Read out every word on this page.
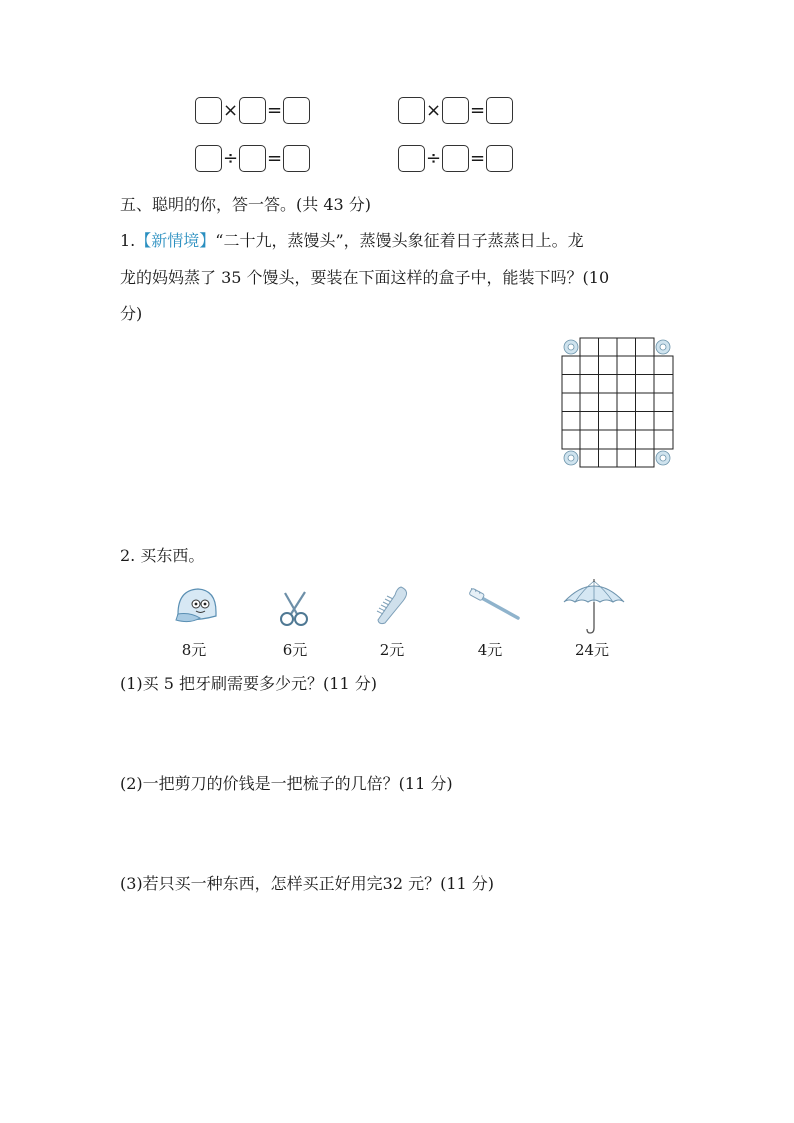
× =	× =
÷ =	÷ =
五、聪明的你，答一答。(共 43 分)
1.【新情境】“二十九，蒸馒头”，蒸馒头象征着日子蒸蒸日上。龙
龙的妈妈蒸了 35 个馒头，要装在下面这样的盒子中，能装下吗？(10
分)
2. 买东西。
8元	6元	2元	4元	24元
(1)买 5 把牙刷需要多少元？(11 分)
(2)一把剪刀的价钱是一把梳子的几倍？(11 分)
(3)若只买一种东西，怎样买正好用完32 元？(11 分)
